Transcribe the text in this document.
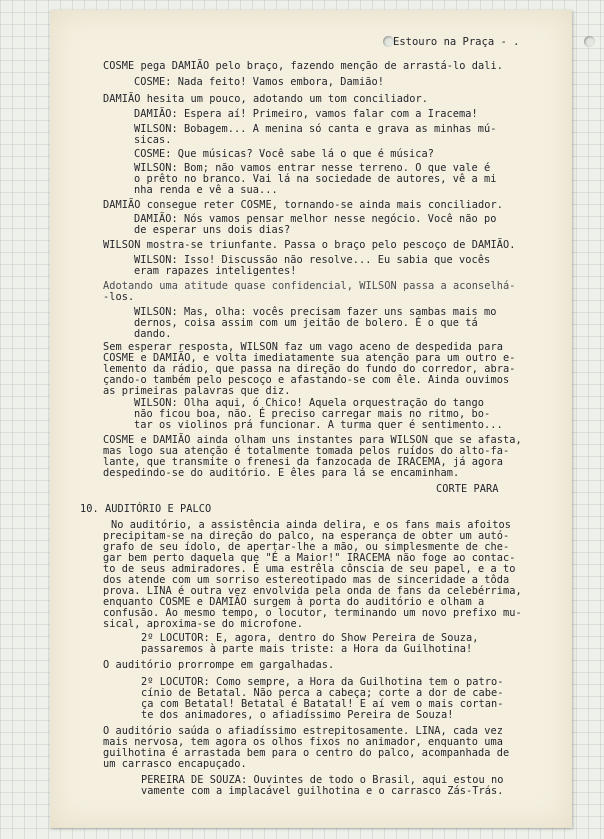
Estouro na Praça - .
COSME pega DAMIÃO pelo braço, fazendo menção de arrastá-lo dali.
COSME: Nada feito! Vamos embora, Damião!
DAMIÃO hesita um pouco, adotando um tom conciliador.
DAMIÃO: Espera aí! Primeiro, vamos falar com a Iracema!
WILSON: Bobagem... A menina só canta e grava as minhas mú-
sicas.
COSME: Que músicas? Você sabe lá o que é música?
WILSON: Bom; não vamos entrar nesse terreno. O que vale é
o prêto no branco. Vai lá na sociedade de autores, vê a mi
nha renda e vê a sua...
DAMIÃO consegue reter COSME, tornando-se ainda mais conciliador.
DAMIÃO: Nós vamos pensar melhor nesse negócio. Você não po
de esperar uns dois dias?
WILSON mostra-se triunfante. Passa o braço pelo pescoço de DAMIÃO.
WILSON: Isso! Discussão não resolve... Eu sabia que vocês
eram rapazes inteligentes!
Adotando uma atitude quase confidencial, WILSON passa a aconselhá-
-los.
WILSON: Mas, olha: vocês precisam fazer uns sambas mais mo
dernos, coisa assim com um jeitão de bolero. É o que tá
dando.
Sem esperar resposta, WILSON faz um vago aceno de despedida para
COSME e DAMIÃO, e volta imediatamente sua atenção para um outro e-
lemento da rádio, que passa na direção do fundo do corredor, abra-
çando-o também pelo pescoço e afastando-se com êle. Ainda ouvimos
as primeiras palavras que diz.
WILSON: Olha aqui, ó Chico! Aquela orquestração do tango
não ficou boa, não. É preciso carregar mais no ritmo, bo-
tar os violinos prá funcionar. A turma quer é sentimento...
COSME e DAMIÃO ainda olham uns instantes para WILSON que se afasta,
mas logo sua atenção é totalmente tomada pelos ruídos do alto-fa-
lante, que transmite o frenesi da fanzocada de IRACEMA, já agora
despedindo-se do auditório. E êles para lá se encaminham.
CORTE PARA
10. AUDITÓRIO E PALCO
No auditório, a assistência ainda delira, e os fans mais afoitos
precipitam-se na direção do palco, na esperança de obter um autó-
grafo de seu ídolo, de apertar-lhe a mão, ou simplesmente de che-
gar bem perto daquela que "É a Maior!" IRACEMA não foge ao contac-
to de seus admiradores. É uma estrêla cônscia de seu papel, e a to
dos atende com um sorriso estereotipado mas de sinceridade a tôda
prova. LINA é outra vez envolvida pela onda de fans da celebérrima,
enquanto COSME e DAMIÃO surgem à porta do auditório e olham a
confusão. Ao mesmo tempo, o locutor, terminando um novo prefixo mu-
sical, aproxima-se do microfone.
2º LOCUTOR: E, agora, dentro do Show Pereira de Souza,
passaremos à parte mais triste: a Hora da Guilhotina!
O auditório prorrompe em gargalhadas.
2º LOCUTOR: Como sempre, a Hora da Guilhotina tem o patro-
cínio de Betatal. Não perca a cabeça; corte a dor de cabe-
ça com Betatal! Betatal é Batatal! E aí vem o mais cortan-
te dos animadores, o afiadíssimo Pereira de Souza!
O auditório saúda o afiadíssimo estrepitosamente. LINA, cada vez
mais nervosa, tem agora os olhos fixos no animador, enquanto uma
guilhotina é arrastada bem para o centro do palco, acompanhada de
um carrasco encapuçado.
PEREIRA DE SOUZA: Ouvintes de todo o Brasil, aqui estou no
vamente com a implacável guilhotina e o carrasco Zás-Trás.
